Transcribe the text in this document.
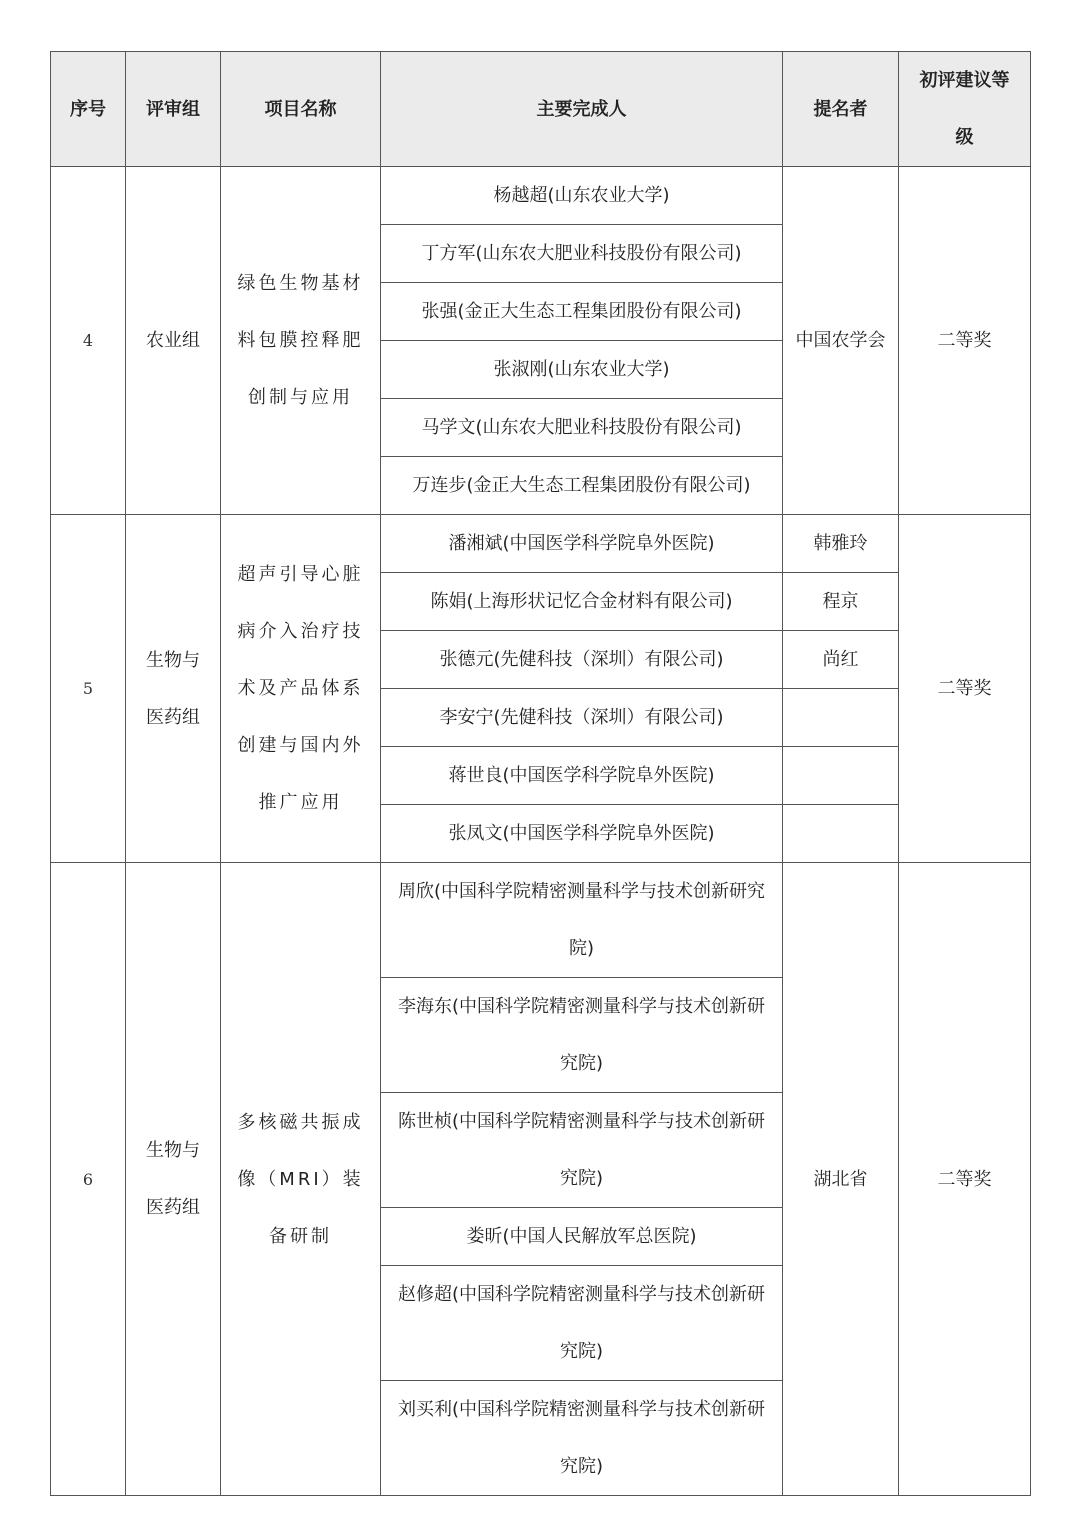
序号	评审组	项目名称	主要完成人	提名者	初评建议等级
4	农业组	绿色生物基材料包膜控释肥创制与应用	杨越超(山东农业大学)	中国农学会	二等奖
			丁方军(山东农大肥业科技股份有限公司)		
			张强(金正大生态工程集团股份有限公司)		
			张淑刚(山东农业大学)		
			马学文(山东农大肥业科技股份有限公司)		
			万连步(金正大生态工程集团股份有限公司)		
5	生物与医药组	超声引导心脏病介入治疗技术及产品体系创建与国内外推广应用	潘湘斌(中国医学科学院阜外医院)	韩雅玲	二等奖
			陈娟(上海形状记忆合金材料有限公司)	程京	
			张德元(先健科技（深圳）有限公司)	尚红	
			李安宁(先健科技（深圳）有限公司)		
			蒋世良(中国医学科学院阜外医院)		
			张凤文(中国医学科学院阜外医院)		
6	生物与医药组	多核磁共振成像（MRI）装备研制	周欣(中国科学院精密测量科学与技术创新研究院)	湖北省	二等奖
			李海东(中国科学院精密测量科学与技术创新研究院)		
			陈世桢(中国科学院精密测量科学与技术创新研究院)		
			娄昕(中国人民解放军总医院)		
			赵修超(中国科学院精密测量科学与技术创新研究院)		
			刘买利(中国科学院精密测量科学与技术创新研究院)		
